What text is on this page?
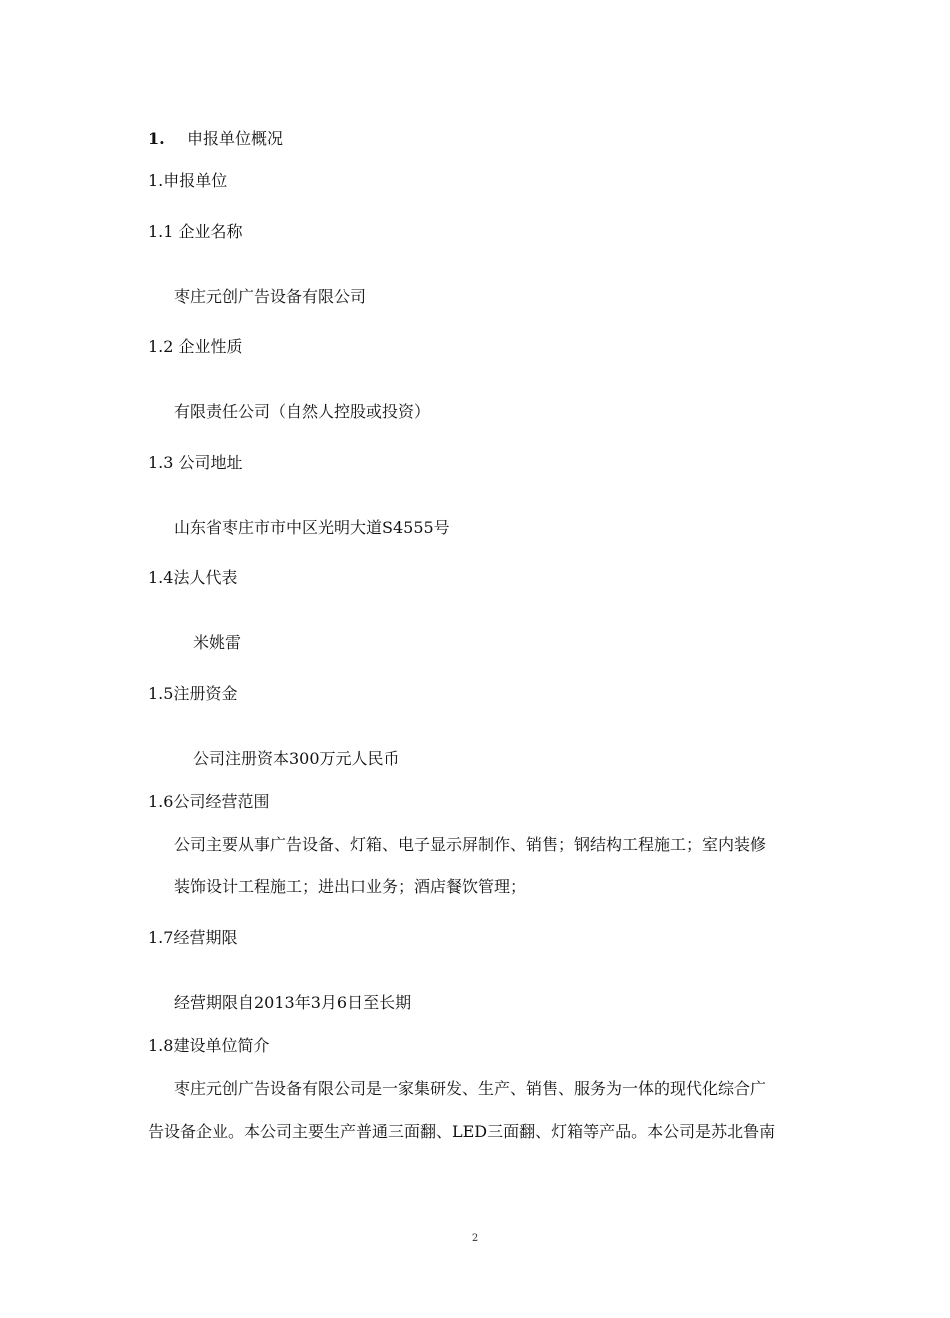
1. 申报单位概况
1.申报单位
1.1 企业名称
枣庄元创广告设备有限公司
1.2 企业性质
有限责任公司（自然人控股或投资）
1.3 公司地址
山东省枣庄市市中区光明大道S4555号
1.4法人代表
米姚雷
1.5注册资金
公司注册资本300万元人民币
1.6公司经营范围
公司主要从事广告设备、灯箱、电子显示屏制作、销售；钢结构工程施工；室内装修
装饰设计工程施工；进出口业务；酒店餐饮管理；
1.7经营期限
经营期限自2013年3月6日至长期
1.8建设单位简介
枣庄元创广告设备有限公司是一家集研发、生产、销售、服务为一体的现代化综合广
告设备企业。本公司主要生产普通三面翻、LED三面翻、灯箱等产品。本公司是苏北鲁南
2
